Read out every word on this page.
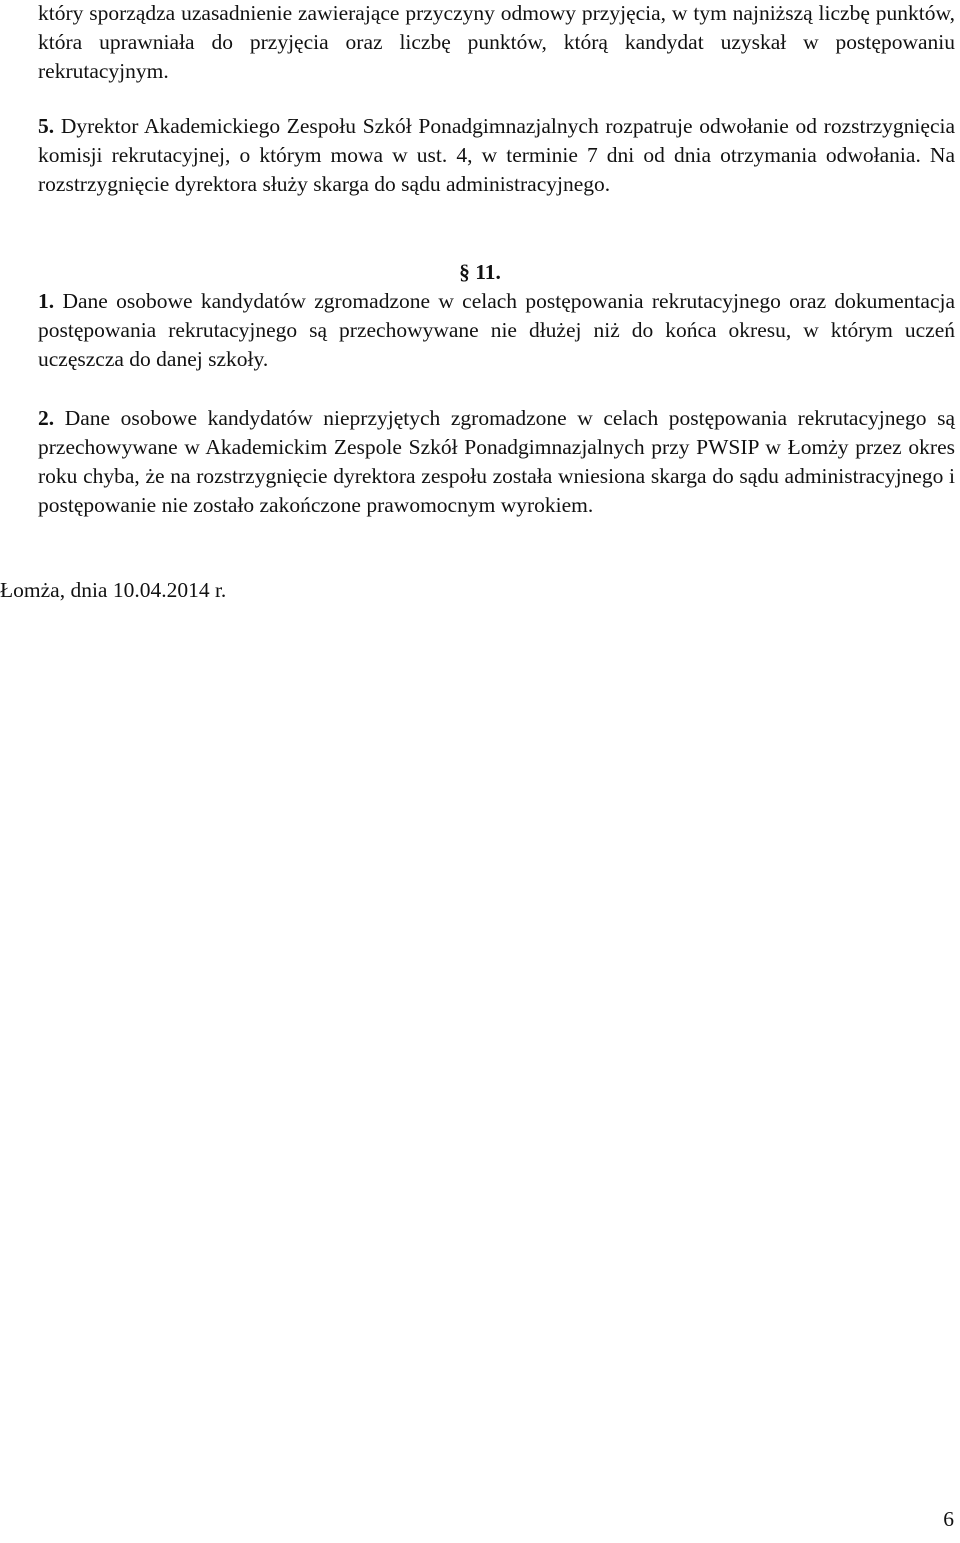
który sporządza uzasadnienie zawierające przyczyny odmowy przyjęcia, w tym najniższą liczbę punktów, która uprawniała do przyjęcia oraz liczbę punktów, którą kandydat uzyskał w postępowaniu rekrutacyjnym.

5. Dyrektor Akademickiego Zespołu Szkół Ponadgimnazjalnych rozpatruje odwołanie od rozstrzygnięcia komisji rekrutacyjnej, o którym mowa w ust. 4, w terminie 7 dni od dnia otrzymania odwołania. Na rozstrzygnięcie dyrektora służy skarga do sądu administracyjnego.

§ 11.

1. Dane osobowe kandydatów zgromadzone w celach postępowania rekrutacyjnego oraz dokumentacja postępowania rekrutacyjnego są przechowywane nie dłużej niż do końca okresu, w którym uczeń uczęszcza do danej szkoły.

2. Dane osobowe kandydatów nieprzyjętych zgromadzone w celach postępowania rekrutacyjnego są przechowywane w Akademickim Zespole Szkół Ponadgimnazjalnych przy PWSIP w Łomży przez okres roku chyba, że na rozstrzygnięcie dyrektora zespołu została wniesiona skarga do sądu administracyjnego i postępowanie nie zostało zakończone prawomocnym wyrokiem.

Łomża, dnia 10.04.2014 r.

6
